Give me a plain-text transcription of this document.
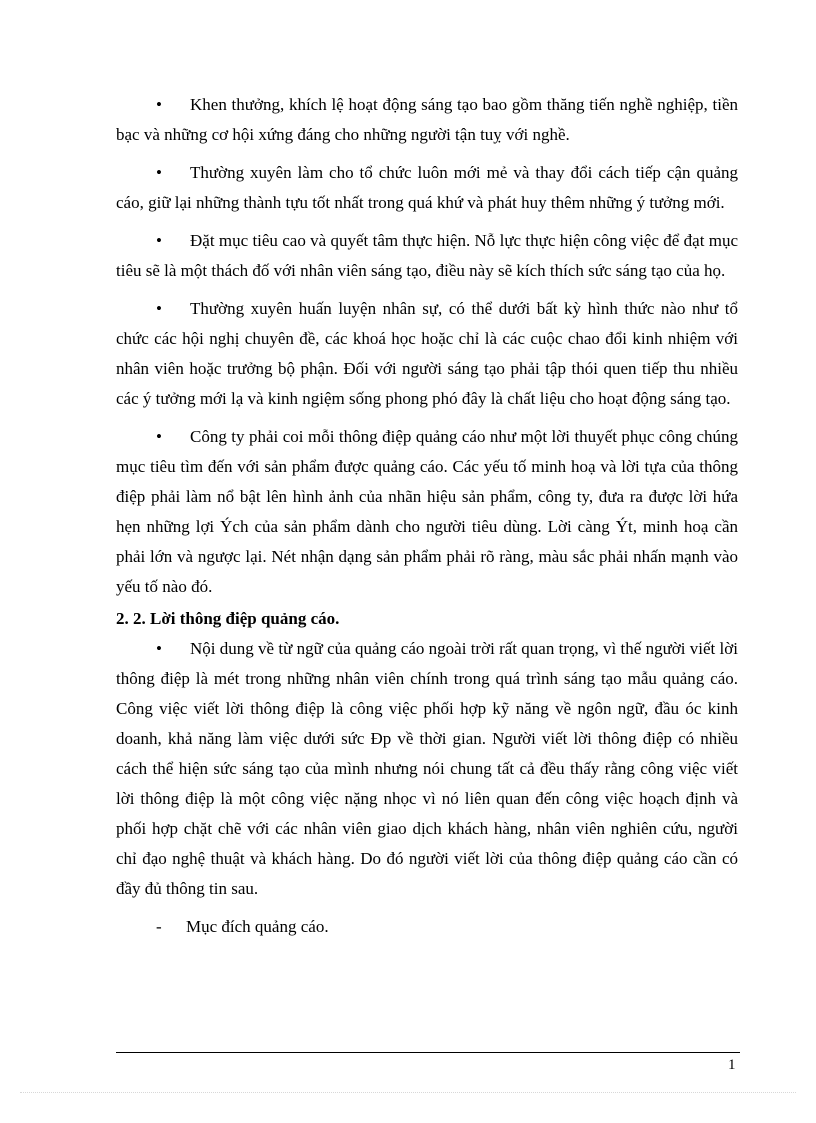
• Khen thưởng, khích lệ hoạt động sáng tạo bao gồm thăng tiến nghề nghiệp, tiền bạc và những cơ hội xứng đáng cho những người tận tuỵ với nghề.

• Thường xuyên làm cho tổ chức luôn mới mẻ và thay đổi cách tiếp cận quảng cáo, giữ lại những thành tựu tốt nhất trong quá khứ và phát huy thêm những ý tưởng mới.

• Đặt mục tiêu cao và quyết tâm thực hiện. Nỗ lực thực hiện công việc để đạt mục tiêu sẽ là một thách đố với nhân viên sáng tạo, điều này sẽ kích thích sức sáng tạo của họ.

• Thường xuyên huấn luyện nhân sự, có thể dưới bất kỳ hình thức nào như tổ chức các hội nghị chuyên đề, các khoá học hoặc chỉ là các cuộc chao đổi kinh nhiệm với nhân viên hoặc trưởng bộ phận. Đối với người sáng tạo phải tập thói quen tiếp thu nhiều các ý tưởng mới lạ và kinh ngiệm sống phong phó đây là chất liệu cho hoạt động sáng tạo.

• Công ty phải coi mỗi thông điệp quảng cáo như một lời thuyết phục công chúng mục tiêu tìm đến với sản phẩm được quảng cáo. Các yếu tố minh hoạ và lời tựa của thông điệp phải làm nổ bật lên hình ảnh của nhãn hiệu sản phẩm, công ty, đưa ra được lời hứa hẹn những lợi Ých của sản phẩm dành cho người tiêu dùng. Lời càng Ýt, minh hoạ cần phải lớn và ngược lại. Nét nhận dạng sản phẩm phải rõ ràng, màu sắc phải nhấn mạnh vào yếu tố nào đó.

2. 2. Lời thông điệp quảng cáo.

• Nội dung về từ ngữ của quảng cáo ngoài trời rất quan trọng, vì thế người viết lời thông điệp là mét trong những nhân viên chính trong quá trình sáng tạo mẫu quảng cáo. Công việc viết lời thông điệp là công việc phối hợp kỹ năng về ngôn ngữ, đầu óc kinh doanh, khả năng làm việc dưới sức Ðp về thời gian. Người viết lời thông điệp có nhiều cách thể hiện sức sáng tạo của mình nhưng nói chung tất cả đều thấy rằng công việc viết lời thông điệp là một công việc nặng nhọc vì nó liên quan đến công việc hoạch định và phối hợp chặt chẽ với các nhân viên giao dịch khách hàng, nhân viên nghiên cứu, người chỉ đạo nghệ thuật và khách hàng. Do đó người viết lời của thông điệp quảng cáo cần có đầy đủ thông tin sau.

- Mục đích quảng cáo.

1
